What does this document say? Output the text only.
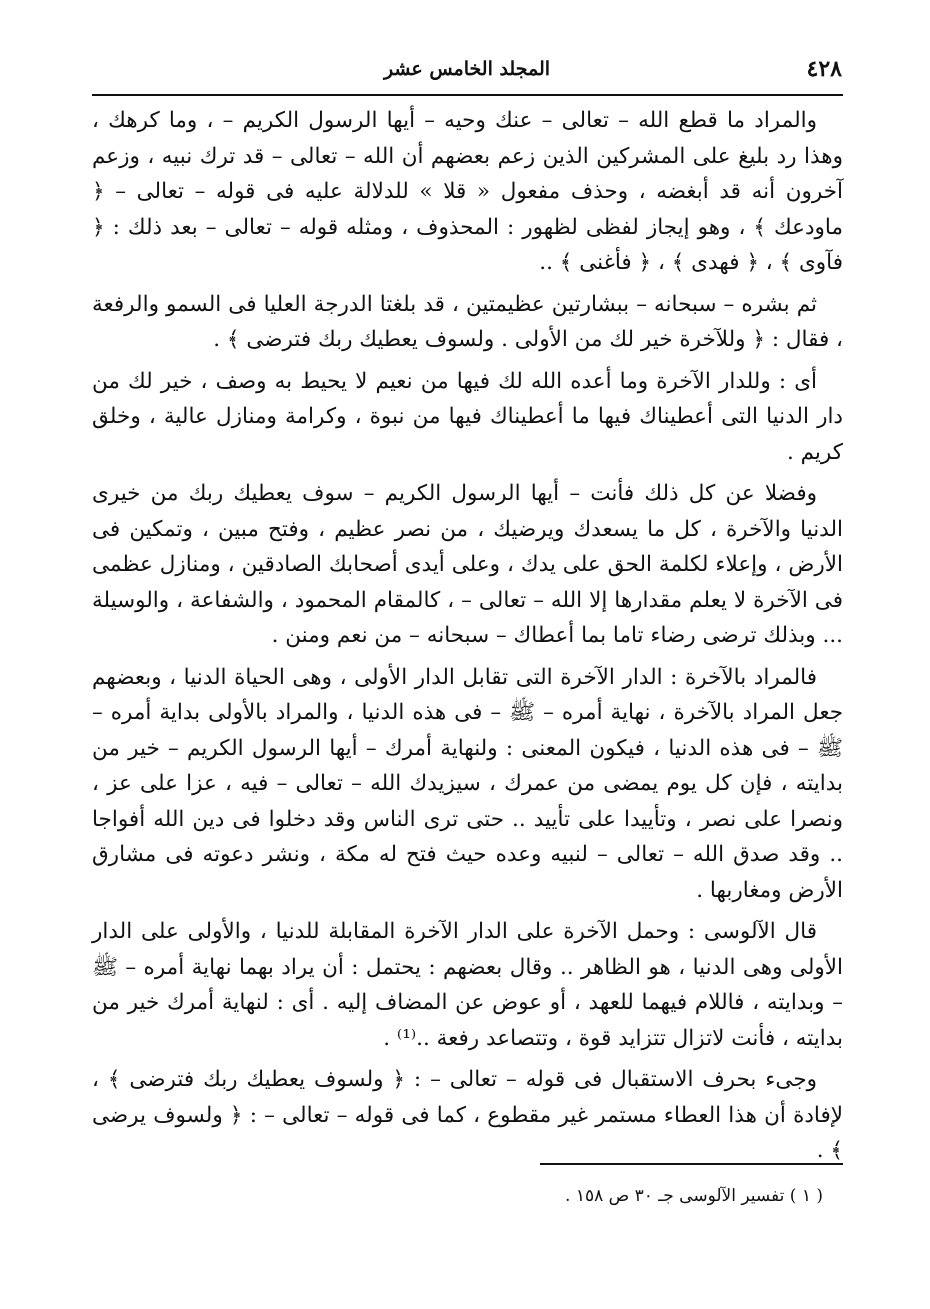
٤٢٨
المجلد الخامس عشر

والمراد ما قطع الله – تعالى – عنك وحيه – أيها الرسول الكريم – ، وما كرهك ، وهذا رد بليغ على المشركين الذين زعم بعضهم أن الله – تعالى – قد ترك نبيه ، وزعم آخرون أنه قد أبغضه ، وحذف مفعول « قلا » للدلالة عليه فى قوله – تعالى – ﴿ ماودعك ﴾ ، وهو إيجاز لفظى لظهور : المحذوف ، ومثله قوله – تعالى – بعد ذلك : ﴿ فآوى ﴾ ، ﴿ فهدى ﴾ ، ﴿ فأغنى ﴾ ..

ثم بشره – سبحانه – ببشارتين عظيمتين ، قد بلغتا الدرجة العليا فى السمو والرفعة ، فقال : ﴿ وللآخرة خير لك من الأولى . ولسوف يعطيك ربك فترضى ﴾ .

أى : وللدار الآخرة وما أعده الله لك فيها من نعيم لا يحيط به وصف ، خير لك من دار الدنيا التى أعطيناك فيها ما أعطيناك فيها من نبوة ، وكرامة ومنازل عالية ، وخلق كريم .

وفضلا عن كل ذلك فأنت – أيها الرسول الكريم – سوف يعطيك ربك من خيرى الدنيا والآخرة ، كل ما يسعدك ويرضيك ، من نصر عظيم ، وفتح مبين ، وتمكين فى الأرض ، وإعلاء لكلمة الحق على يدك ، وعلى أيدى أصحابك الصادقين ، ومنازل عظمى فى الآخرة لا يعلم مقدارها إلا الله – تعالى – ، كالمقام المحمود ، والشفاعة ، والوسيلة ... وبذلك ترضى رضاء تاما بما أعطاك – سبحانه – من نعم ومنن .

فالمراد بالآخرة : الدار الآخرة التى تقابل الدار الأولى ، وهى الحياة الدنيا ، وبعضهم جعل المراد بالآخرة ، نهاية أمره – ﷺ – فى هذه الدنيا ، والمراد بالأولى بداية أمره – ﷺ – فى هذه الدنيا ، فيكون المعنى : ولنهاية أمرك – أيها الرسول الكريم – خير من بدايته ، فإن كل يوم يمضى من عمرك ، سيزيدك الله – تعالى – فيه ، عزا على عز ، ونصرا على نصر ، وتأييدا على تأييد .. حتى ترى الناس وقد دخلوا فى دين الله أفواجا .. وقد صدق الله – تعالى – لنبيه وعده حيث فتح له مكة ، ونشر دعوته فى مشارق الأرض ومغاربها .

قال الآلوسى : وحمل الآخرة على الدار الآخرة المقابلة للدنيا ، والأولى على الدار الأولى وهى الدنيا ، هو الظاهر .. وقال بعضهم : يحتمل : أن يراد بهما نهاية أمره – ﷺ – وبدايته ، فاللام فيهما للعهد ، أو عوض عن المضاف إليه . أى : لنهاية أمرك خير من بدايته ، فأنت لاتزال تتزايد قوة ، وتتصاعد رفعة ..⁽¹⁾ .

وجىء بحرف الاستقبال فى قوله – تعالى – : ﴿ ولسوف يعطيك ربك فترضى ﴾ ، لإفادة أن هذا العطاء مستمر غير مقطوع ، كما فى قوله – تعالى – : ﴿ ولسوف يرضى ﴾ .

( ١ ) تفسير الآلوسى جـ ٣٠ ص ١٥٨ .
